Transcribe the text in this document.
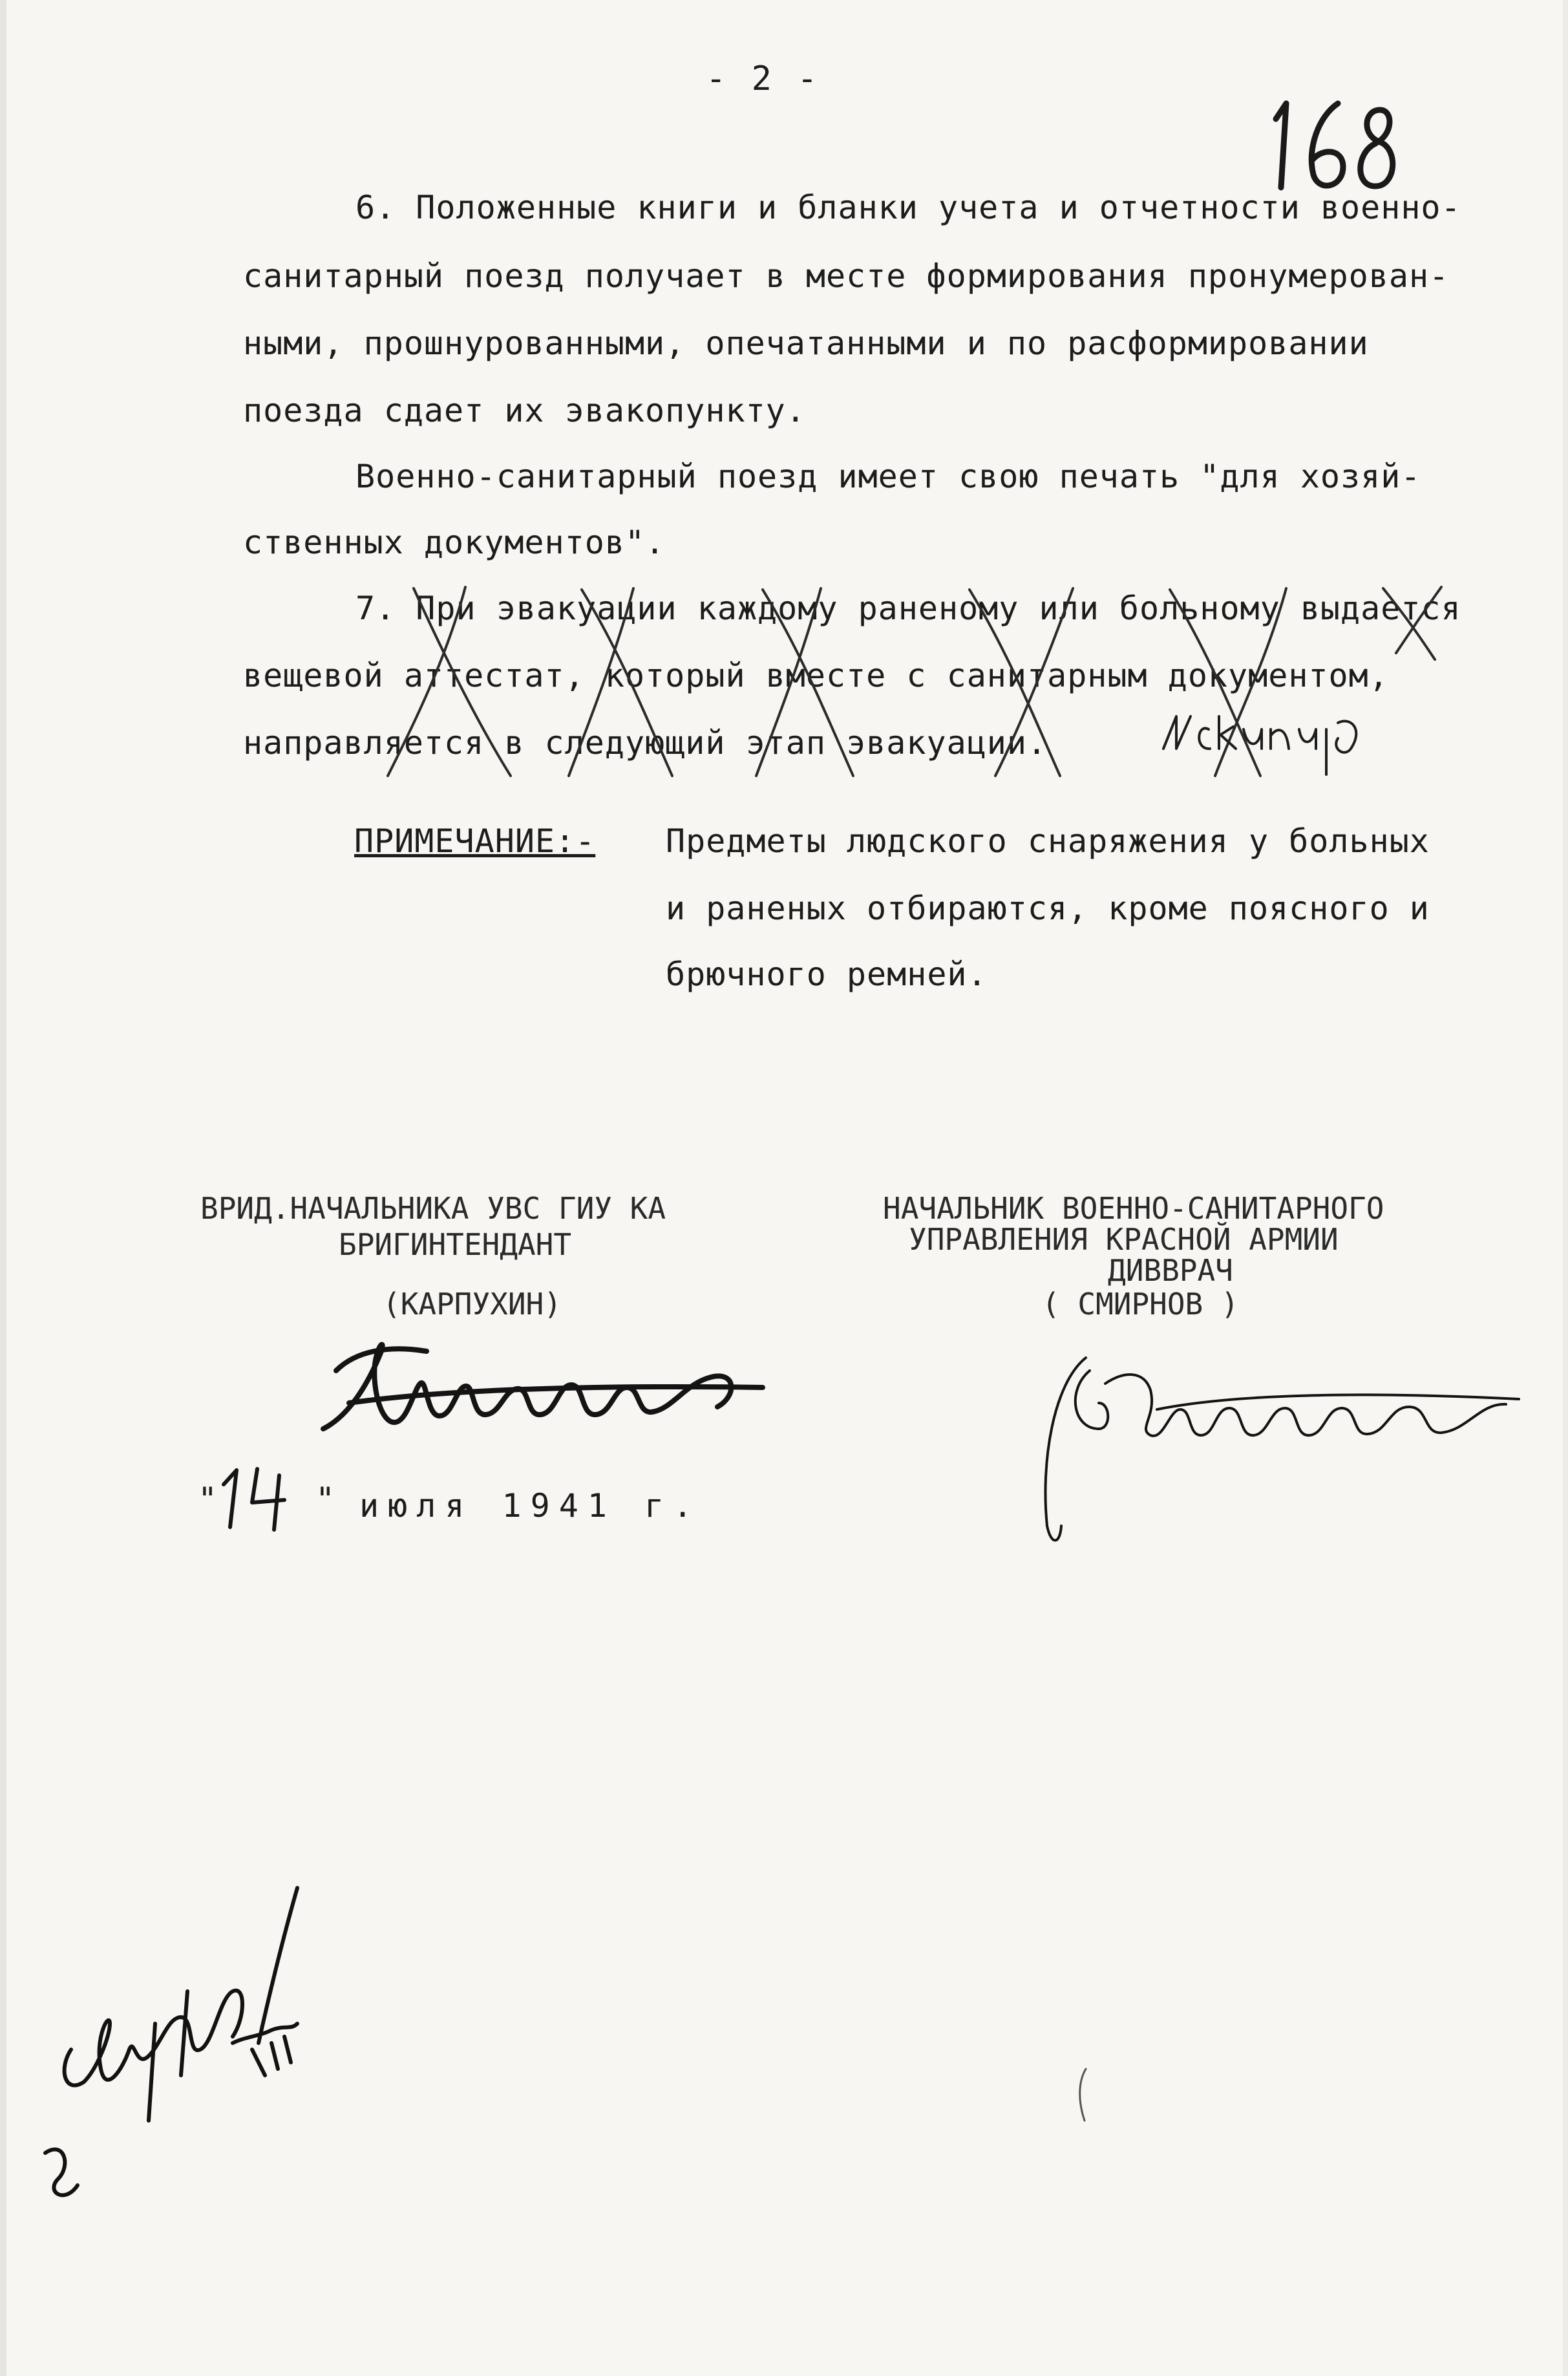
- 2 -
6. Положенные книги и бланки учета и отчетности военно-
санитарный поезд получает в месте формирования пронумерован-
ными, прошнурованными, опечатанными и по расформировании
поезда сдает их эвакопункту.
Военно-санитарный поезд имеет свою печать "для хозяй-
ственных документов".
7. При эвакуации каждому раненому или больному выдается
вещевой аттестат, который вместе с санитарным документом,
направляется в следующий этап эвакуации.
ПРИМЕЧАНИЕ:- Предметы людского снаряжения у больных
и раненых отбираются, кроме поясного и
брючного ремней.
ВРИД.НАЧАЛЬНИКА УВС ГИУ КА
БРИГИНТЕНДАНТ
(КАРПУХИН)
НАЧАЛЬНИК ВОЕННО-САНИТАРНОГО
УПРАВЛЕНИЯ КРАСНОЙ АРМИИ
ДИВВРАЧ
( СМИРНОВ )
"	" июля 1941 г.
